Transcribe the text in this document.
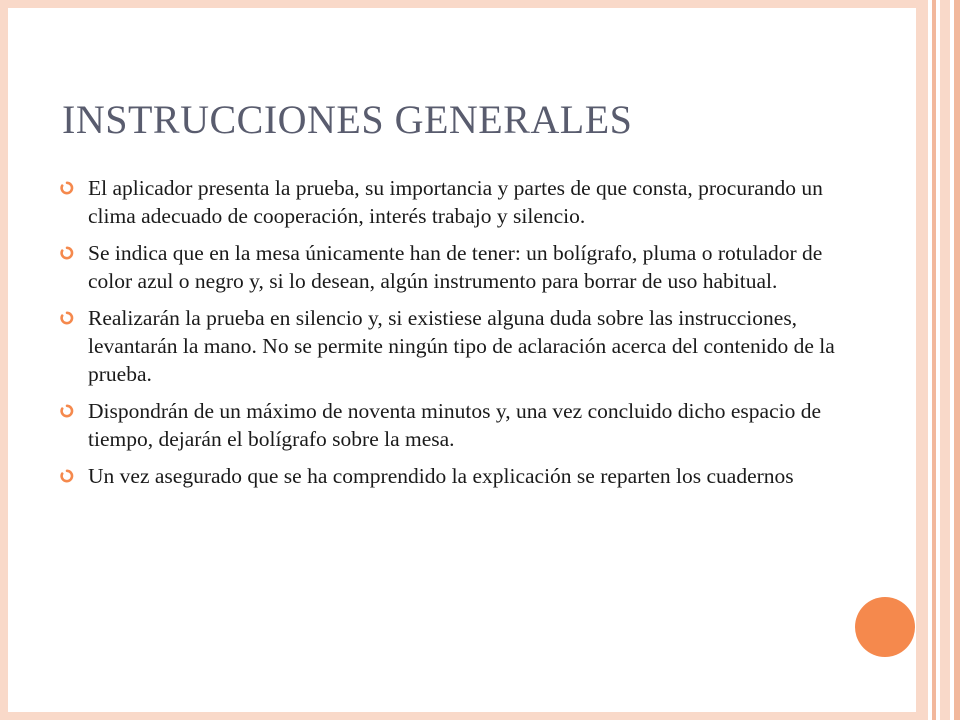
INSTRUCCIONES GENERALES
El aplicador presenta la prueba, su importancia y partes de que consta, procurando un clima adecuado de cooperación, interés trabajo y silencio.
Se indica que en la mesa únicamente han de tener: un bolígrafo, pluma o rotulador de color azul o negro y, si lo desean, algún instrumento para borrar de uso habitual.
Realizarán la prueba en silencio y, si existiese alguna duda sobre las instrucciones, levantarán la mano. No se permite ningún tipo de aclaración acerca del contenido de la prueba.
Dispondrán de un máximo de noventa minutos y, una vez concluido dicho espacio de tiempo, dejarán el bolígrafo sobre la mesa.
Un vez asegurado que se ha comprendido la explicación se reparten los cuadernos
